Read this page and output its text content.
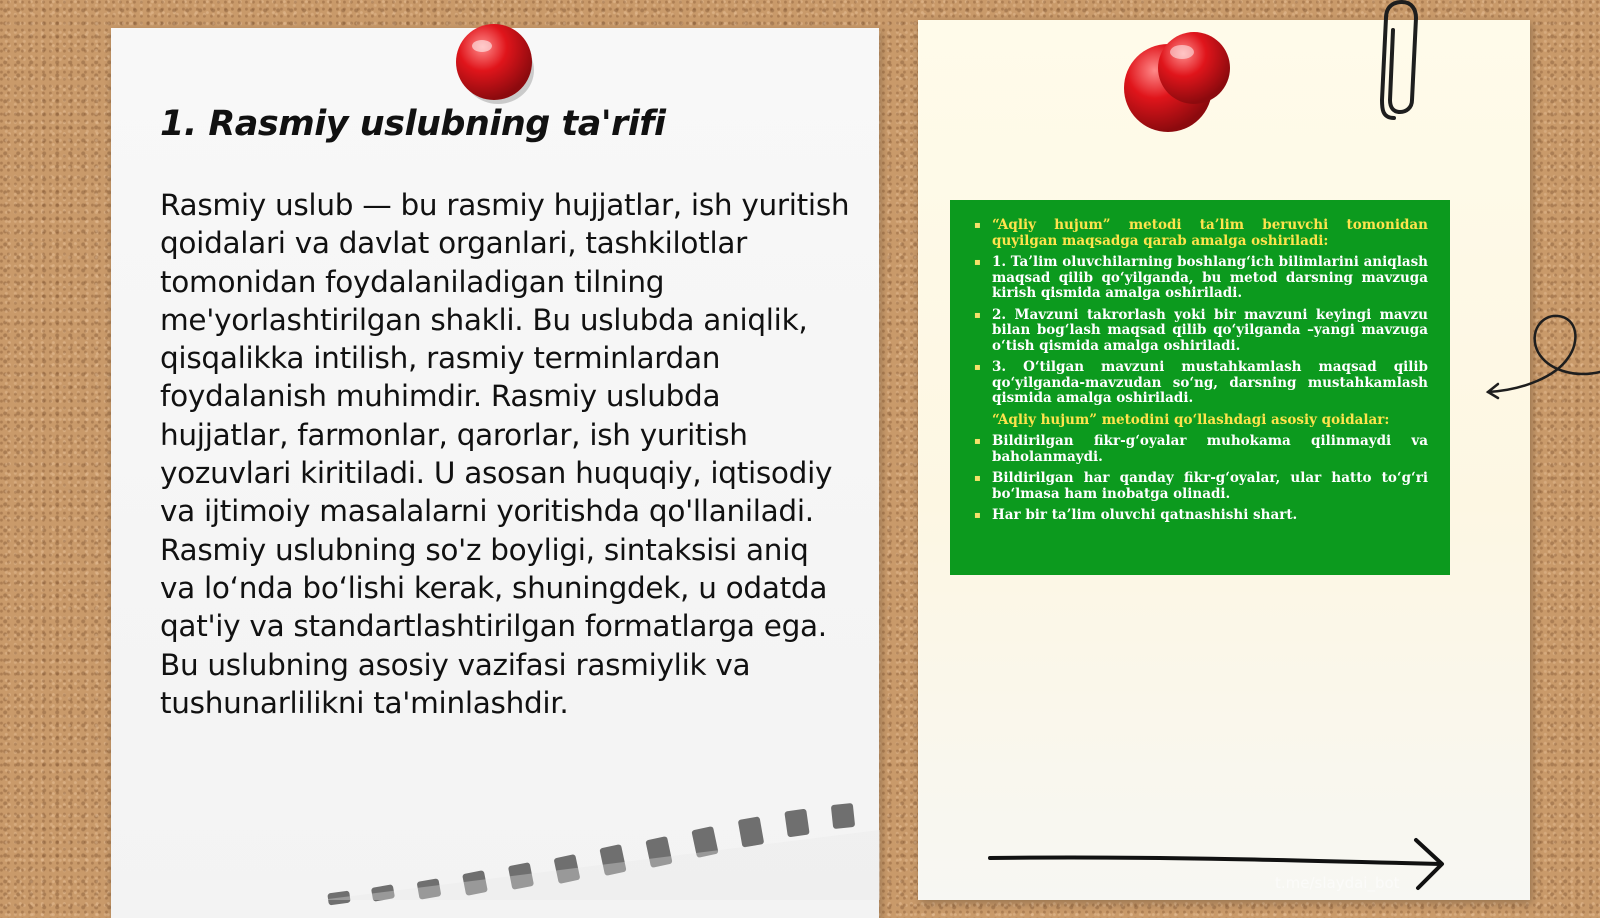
1. Rasmiy uslubning ta'rifi

Rasmiy uslub — bu rasmiy hujjatlar, ish yuritish qoidalari va davlat organlari, tashkilotlar tomonidan foydalaniladigan tilning me'yorlashtirilgan shakli. Bu uslubda aniqlik, qisqalikka intilish, rasmiy terminlardan foydalanish muhimdir. Rasmiy uslubda hujjatlar, farmonlar, qarorlar, ish yuritish yozuvlari kiritiladi. U asosan huquqiy, iqtisodiy va ijtimoiy masalalarni yoritishda qo'llaniladi. Rasmiy uslubning so'z boyligi, sintaksisi aniq va lo‘nda bo‘lishi kerak, shuningdek, u odatda qat'iy va standartlashtirilgan formatlarga ega. Bu uslubning asosiy vazifasi rasmiylik va tushunarlilikni ta'minlashdir.

▪ “Aqliy hujum” metodi ta’lim beruvchi tomonidan quyilgan maqsadga qarab amalga oshiriladi:
▪ 1. Ta’lim oluvchilarning boshlang‘ich bilimlarini aniqlash maqsad qilib qo‘yilganda, bu metod darsning mavzuga kirish qismida amalga oshiriladi.
▪ 2. Mavzuni takrorlash yoki bir mavzuni keyingi mavzu bilan bog‘lash maqsad qilib qo‘yilganda –yangi mavzuga o‘tish qismida amalga oshiriladi.
▪ 3. O‘tilgan mavzuni mustahkamlash maqsad qilib qo‘yilganda-mavzudan so‘ng, darsning mustahkamlash qismida amalga oshiriladi.
“Aqliy hujum” metodini qo‘llashdagi asosiy qoidalar:
▪ Bildirilgan fikr-g‘oyalar muhokama qilinmaydi va baholanmaydi.
▪ Bildirilgan har qanday fikr-g‘oyalar, ular hatto to‘g‘ri bo‘lmasa ham inobatga olinadi.
▪ Har bir ta’lim oluvchi qatnashishi shart.
t.me/slaydai_bot
